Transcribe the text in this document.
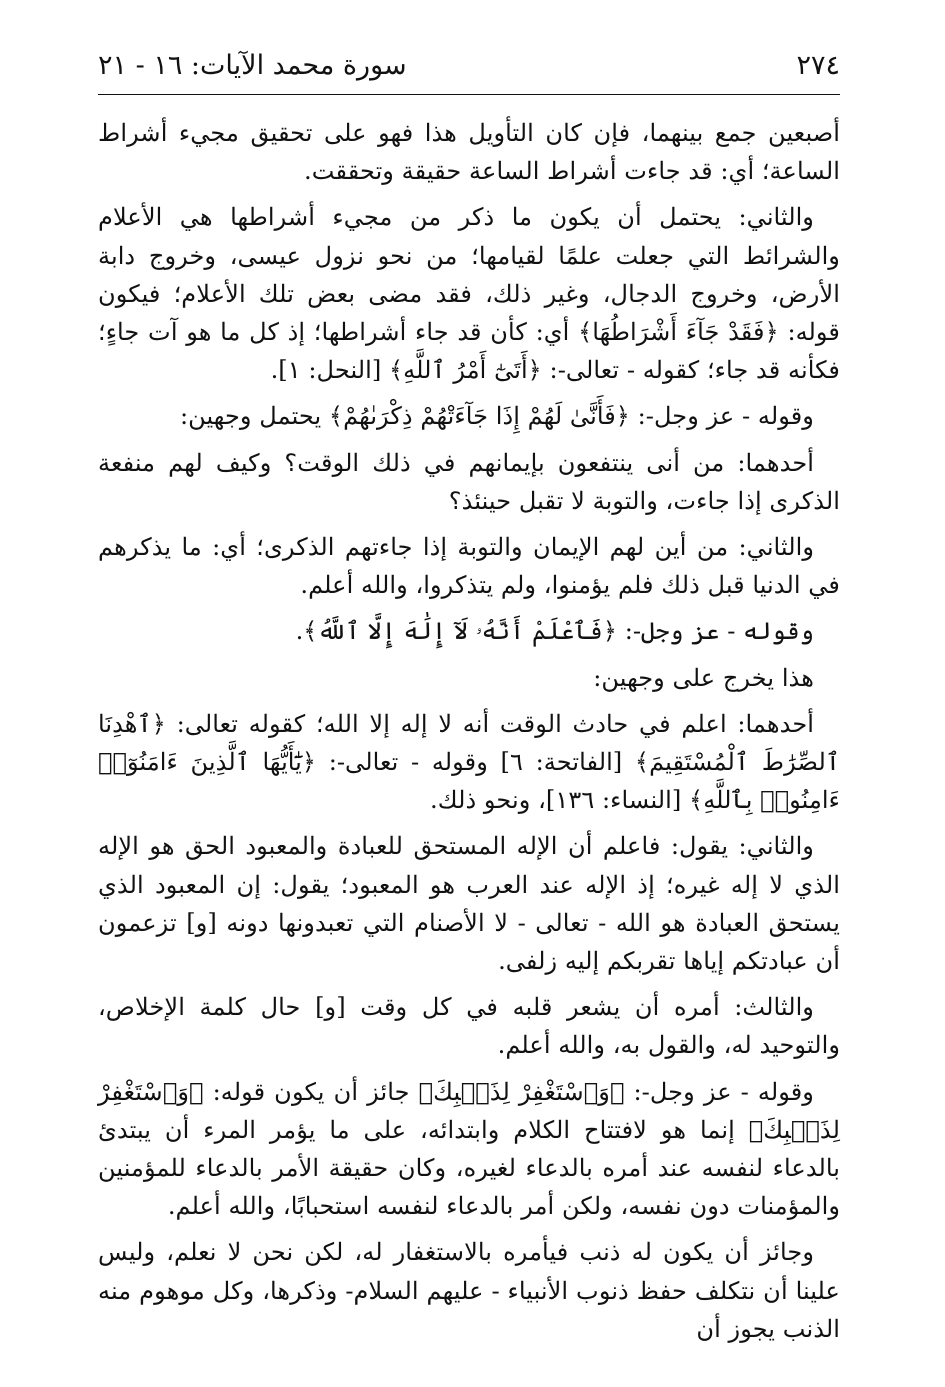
٢٧٤
سورة محمد الآيات: ١٦ - ٢١

أصبعين جمع بينهما، فإن كان التأويل هذا فهو على تحقيق مجيء أشراط الساعة؛ أي: قد جاءت أشراط الساعة حقيقة وتحققت.

والثاني: يحتمل أن يكون ما ذكر من مجيء أشراطها هي الأعلام والشرائط التي جعلت علمًا لقيامها؛ من نحو نزول عيسى، وخروج دابة الأرض، وخروج الدجال، وغير ذلك، فقد مضى بعض تلك الأعلام؛ فيكون قوله: ﴿فَقَدْ جَآءَ أَشْرَاطُهَا﴾ أي: كأن قد جاء أشراطها؛ إذ كل ما هو آت جاءٍ؛ فكأنه قد جاء؛ كقوله - تعالى-: ﴿أَتَىٰٓ أَمْرُ ٱللَّهِ﴾ [النحل: ١].

وقوله - عز وجل-: ﴿فَأَنَّىٰ لَهُمْ إِذَا جَآءَتْهُمْ ذِكْرَىٰهُمْ﴾ يحتمل وجهين:

أحدهما: من أنى ينتفعون بإيمانهم في ذلك الوقت؟ وكيف لهم منفعة الذكرى إذا جاءت، والتوبة لا تقبل حينئذ؟

والثاني: من أين لهم الإيمان والتوبة إذا جاءتهم الذكرى؛ أي: ما يذكرهم في الدنيا قبل ذلك فلم يؤمنوا، ولم يتذكروا، والله أعلم.

وقوله - عز وجل-: ﴿فَٱعْلَمْ أَنَّهُۥ لَآ إِلَٰهَ إِلَّا ٱللَّهُ﴾.

هذا يخرج على وجهين:

أحدهما: اعلم في حادث الوقت أنه لا إله إلا الله؛ كقوله تعالى: ﴿ٱهْدِنَا ٱلصِّرَٰطَ ٱلْمُسْتَقِيمَ﴾ [الفاتحة: ٦] وقوله - تعالى-: ﴿يَٰٓأَيُّهَا ٱلَّذِينَ ءَامَنُوٓا۟ ءَامِنُوا۟ بِٱللَّهِ﴾ [النساء: ١٣٦]، ونحو ذلك.

والثاني: يقول: فاعلم أن الإله المستحق للعبادة والمعبود الحق هو الإله الذي لا إله غيره؛ إذ الإله عند العرب هو المعبود؛ يقول: إن المعبود الذي يستحق العبادة هو الله - تعالى - لا الأصنام التي تعبدونها دونه [و] تزعمون أن عبادتكم إياها تقربكم إليه زلفى.

والثالث: أمره أن يشعر قلبه في كل وقت [و] حال كلمة الإخلاص، والتوحيد له، والقول به، والله أعلم.

وقوله - عز وجل-: ﴿وَٱسْتَغْفِرْ لِذَنۢبِكَ﴾ جائز أن يكون قوله: ﴿وَٱسْتَغْفِرْ لِذَنۢبِكَ﴾ إنما هو لافتتاح الكلام وابتدائه، على ما يؤمر المرء أن يبتدئ بالدعاء لنفسه عند أمره بالدعاء لغيره، وكان حقيقة الأمر بالدعاء للمؤمنين والمؤمنات دون نفسه، ولكن أمر بالدعاء لنفسه استحبابًا، والله أعلم.

وجائز أن يكون له ذنب فيأمره بالاستغفار له، لكن نحن لا نعلم، وليس علينا أن نتكلف حفظ ذنوب الأنبياء - عليهم السلام- وذكرها، وكل موهوم منه الذنب يجوز أن
